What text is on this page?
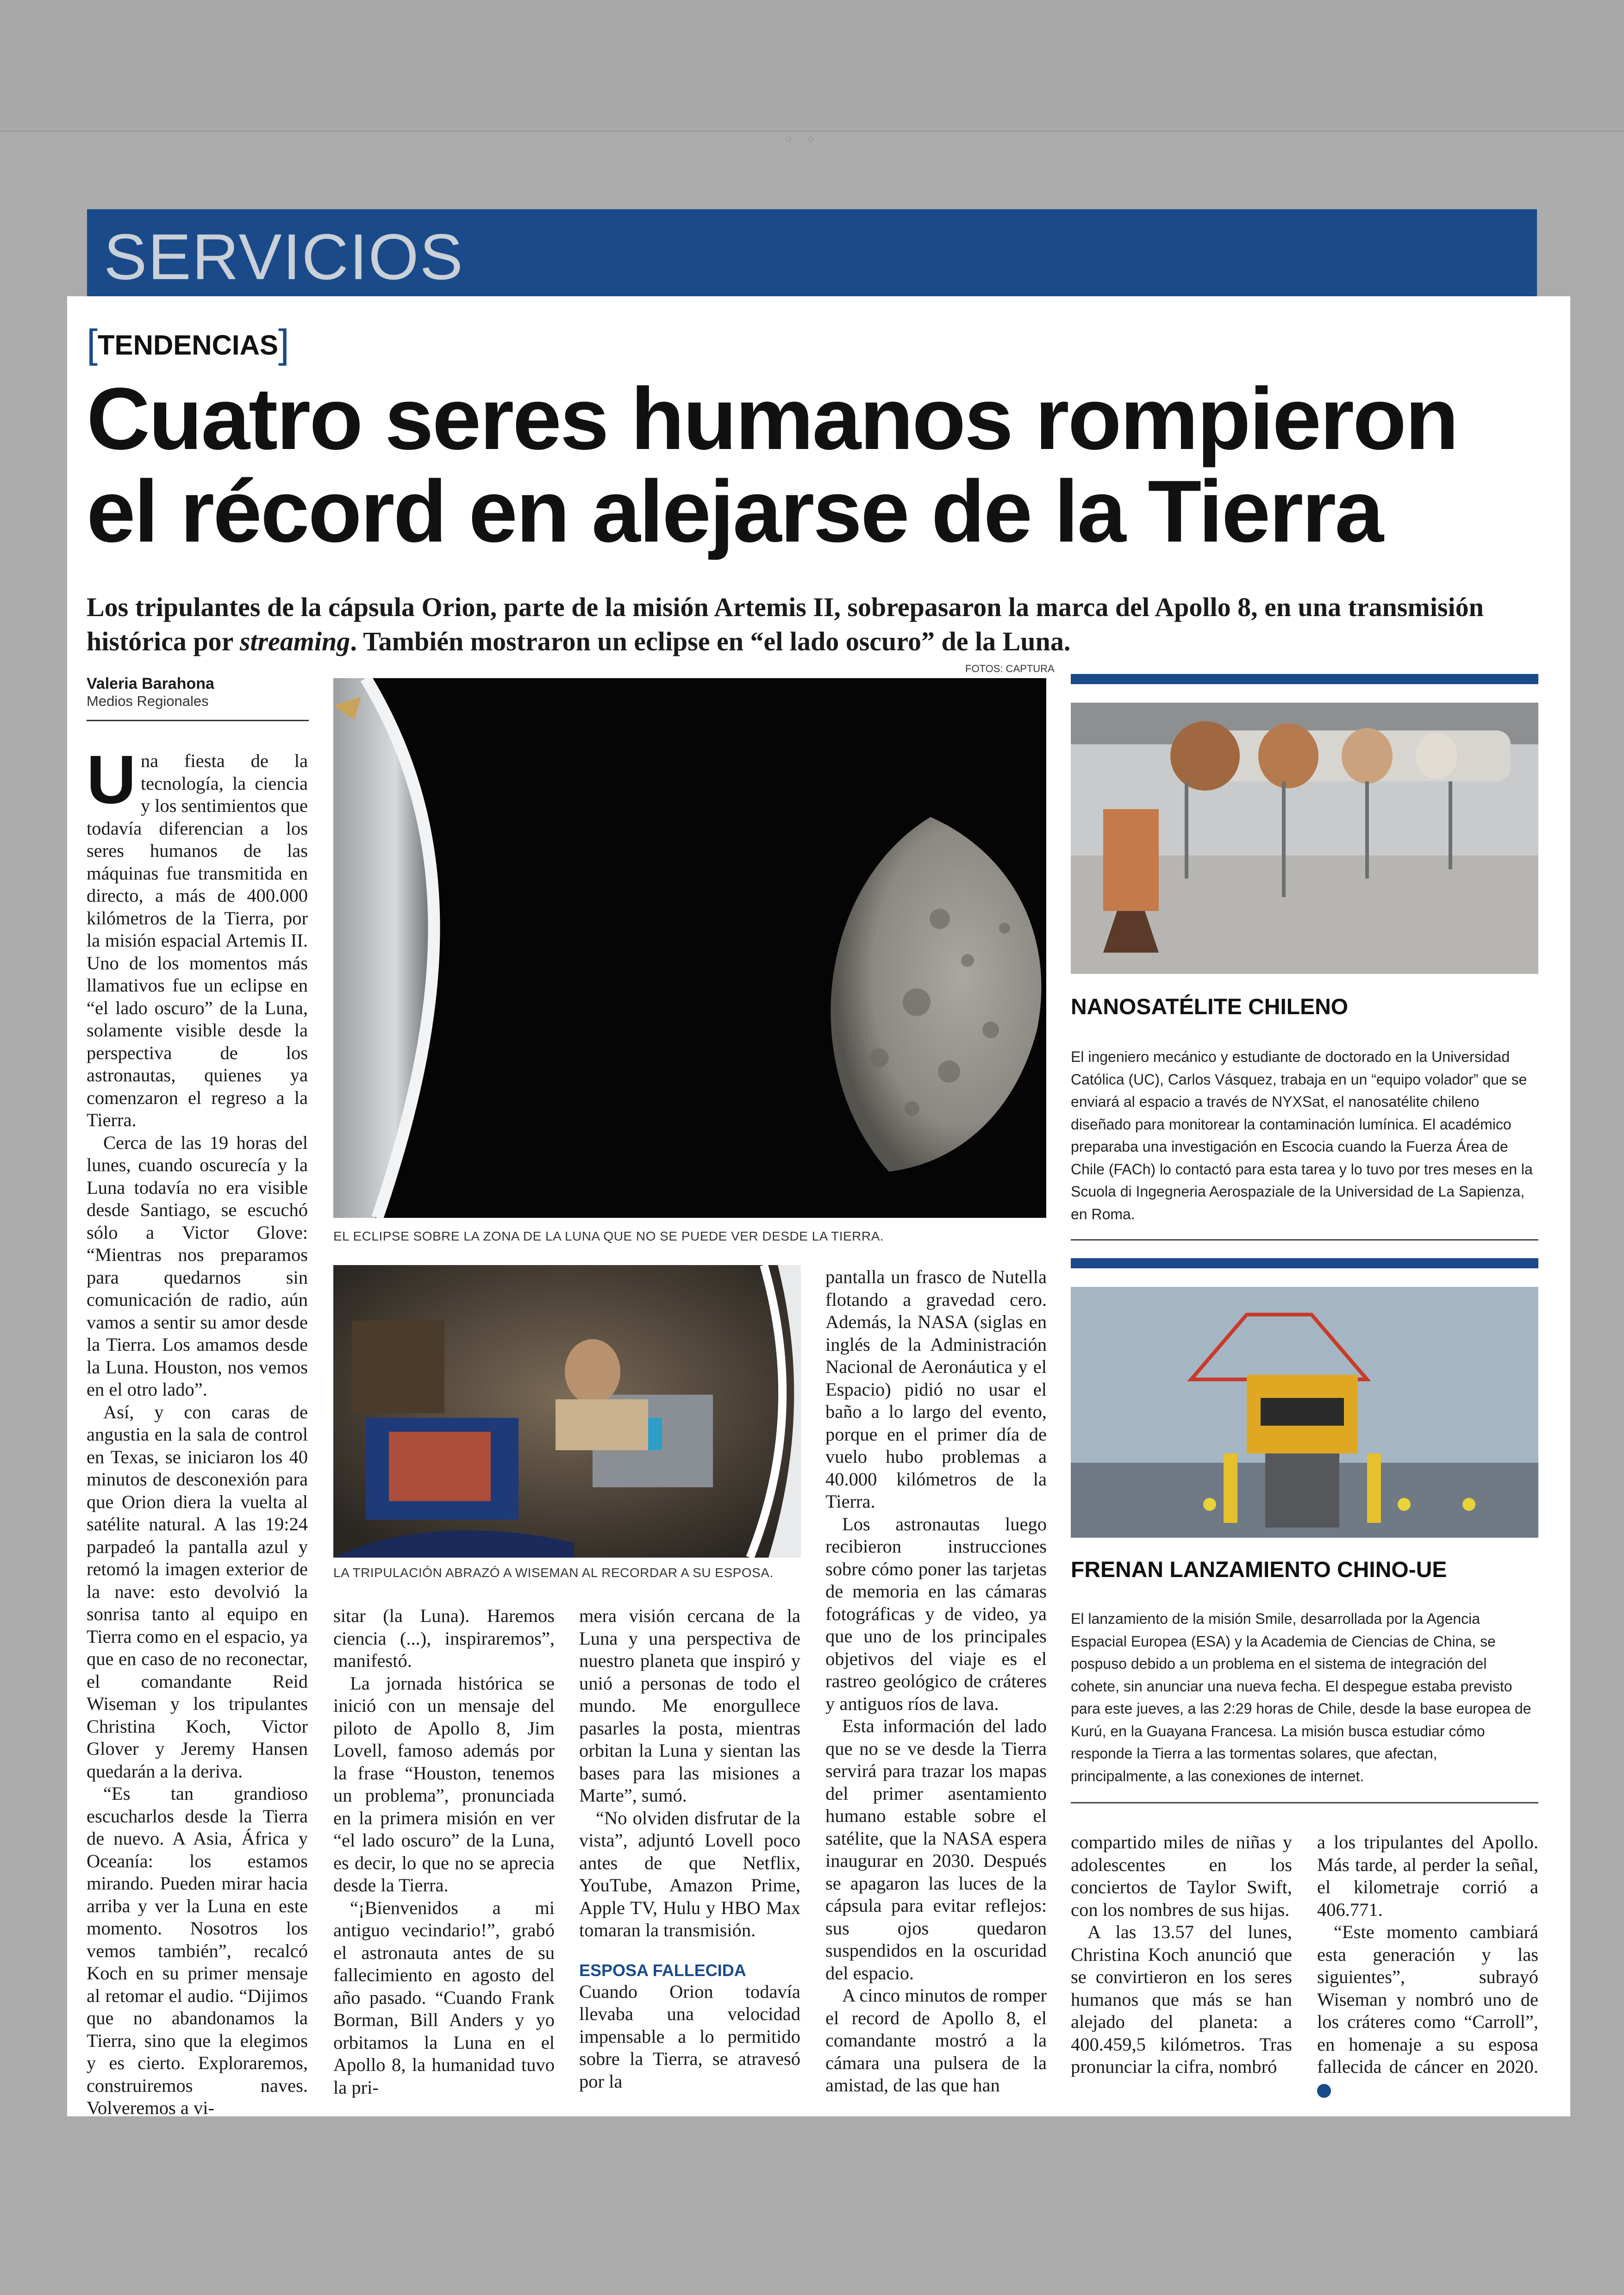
◦◦
SERVICIOS
[TENDENCIAS]
Cuatro seres humanos rompieron el récord en alejarse de la Tierra

Los tripulantes de la cápsula Orion, parte de la misión Artemis II, sobrepasaron la marca del Apollo 8, en una transmisión histórica por streaming. También mostraron un eclipse en “el lado oscuro” de la Luna.

FOTOS: CAPTURA
Valeria Barahona
Medios Regionales

Una fiesta de la tecnología, la ciencia y los sentimientos que todavía diferencian a los seres humanos de las máquinas fue transmitida en directo, a más de 400.000 kilómetros de la Tierra, por la misión espacial Artemis II. Uno de los momentos más llamativos fue un eclipse en “el lado oscuro” de la Luna, solamente visible desde la perspectiva de los astronautas, quienes ya comenzaron el regreso a la Tierra.

Cerca de las 19 horas del lunes, cuando oscurecía y la Luna todavía no era visible desde Santiago, se escuchó sólo a Victor Glove: “Mientras nos preparamos para quedarnos sin comunicación de radio, aún vamos a sentir su amor desde la Tierra. Los amamos desde la Luna. Houston, nos vemos en el otro lado”.

Así, y con caras de angustia en la sala de control en Texas, se iniciaron los 40 minutos de desconexión para que Orion diera la vuelta al satélite natural. A las 19:24 parpadeó la pantalla azul y retomó la imagen exterior de la nave: esto devolvió la sonrisa tanto al equipo en Tierra como en el espacio, ya que en caso de no reconectar, el comandante Reid Wiseman y los tripulantes Christina Koch, Victor Glover y Jeremy Hansen quedarán a la deriva.

“Es tan grandioso escucharlos desde la Tierra de nuevo. A Asia, África y Oceanía: los estamos mirando. Pueden mirar hacia arriba y ver la Luna en este momento. Nosotros los vemos también”, recalcó Koch en su primer mensaje al retomar el audio. “Dijimos que no abandonamos la Tierra, sino que la elegimos y es cierto. Exploraremos, construiremos naves. Volveremos a vi-

EL ECLIPSE SOBRE LA ZONA DE LA LUNA QUE NO SE PUEDE VER DESDE LA TIERRA.
LA TRIPULACIÓN ABRAZÓ A WISEMAN AL RECORDAR A SU ESPOSA.

sitar (la Luna). Haremos ciencia (...), inspiraremos”, manifestó.

La jornada histórica se inició con un mensaje del piloto de Apollo 8, Jim Lovell, famoso además por la frase “Houston, tenemos un problema”, pronunciada en la primera misión en ver “el lado oscuro” de la Luna, es decir, lo que no se aprecia desde la Tierra.

“¡Bienvenidos a mi antiguo vecindario!”, grabó el astronauta antes de su fallecimiento en agosto del año pasado. “Cuando Frank Borman, Bill Anders y yo orbitamos la Luna en el Apollo 8, la humanidad tuvo la pri-

mera visión cercana de la Luna y una perspectiva de nuestro planeta que inspiró y unió a personas de todo el mundo. Me enorgullece pasarles la posta, mientras orbitan la Luna y sientan las bases para las misiones a Marte”, sumó.

“No olviden disfrutar de la vista”, adjuntó Lovell poco antes de que Netflix, YouTube, Amazon Prime, Apple TV, Hulu y HBO Max tomaran la transmisión.

ESPOSA FALLECIDA

Cuando Orion todavía llevaba una velocidad impensable a lo permitido sobre la Tierra, se atravesó por la

pantalla un frasco de Nutella flotando a gravedad cero. Además, la NASA (siglas en inglés de la Administración Nacional de Aeronáutica y el Espacio) pidió no usar el baño a lo largo del evento, porque en el primer día de vuelo hubo problemas a 40.000 kilómetros de la Tierra.

Los astronautas luego recibieron instrucciones sobre cómo poner las tarjetas de memoria en las cámaras fotográficas y de video, ya que uno de los principales objetivos del viaje es el rastreo geológico de cráteres y antiguos ríos de lava.

Esta información del lado que no se ve desde la Tierra servirá para trazar los mapas del primer asentamiento humano estable sobre el satélite, que la NASA espera inaugurar en 2030. Después se apagaron las luces de la cápsula para evitar reflejos: sus ojos quedaron suspendidos en la oscuridad del espacio.

A cinco minutos de romper el record de Apollo 8, el comandante mostró a la cámara una pulsera de la amistad, de las que han

NANOSATÉLITE CHILENO

El ingeniero mecánico y estudiante de doctorado en la Universidad Católica (UC), Carlos Vásquez, trabaja en un “equipo volador” que se enviará al espacio a través de NYXSat, el nanosatélite chileno diseñado para monitorear la contaminación lumínica. El académico preparaba una investigación en Escocia cuando la Fuerza Área de Chile (FACh) lo contactó para esta tarea y lo tuvo por tres meses en la Scuola di Ingegneria Aerospaziale de la Universidad de La Sapienza, en Roma.

FRENAN LANZAMIENTO CHINO-UE

El lanzamiento de la misión Smile, desarrollada por la Agencia Espacial Europea (ESA) y la Academia de Ciencias de China, se pospuso debido a un problema en el sistema de integración del cohete, sin anunciar una nueva fecha. El despegue estaba previsto para este jueves, a las 2:29 horas de Chile, desde la base europea de Kurú, en la Guayana Francesa. La misión busca estudiar cómo responde la Tierra a las tormentas solares, que afectan, principalmente, a las conexiones de internet.

compartido miles de niñas y adolescentes en los conciertos de Taylor Swift, con los nombres de sus hijas.

A las 13.57 del lunes, Christina Koch anunció que se convirtieron en los seres humanos que más se han alejado del planeta: a 400.459,5 kilómetros. Tras pronunciar la cifra, nombró

a los tripulantes del Apollo. Más tarde, al perder la señal, el kilometraje corrió a 406.771.

“Este momento cambiará esta generación y las siguientes”, subrayó Wiseman y nombró uno de los cráteres como “Carroll”, en homenaje a su esposa fallecida de cáncer en 2020. ✪
